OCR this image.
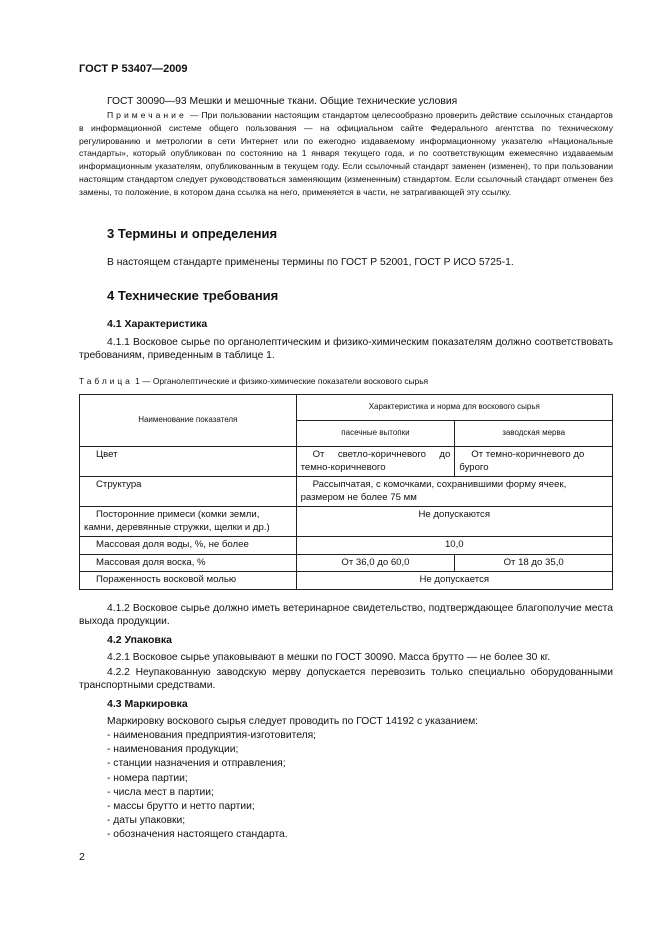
ГОСТ Р 53407—2009
ГОСТ 30090—93 Мешки и мешочные ткани. Общие технические условия
Примечание — При пользовании настоящим стандартом целесообразно проверить действие ссылочных стандартов в информационной системе общего пользования — на официальном сайте Федерального агентства по техническому регулированию и метрологии в сети Интернет или по ежегодно издаваемому информационному указателю «Национальные стандарты», который опубликован по состоянию на 1 января текущего года, и по соответствующим ежемесячно издаваемым информационным указателям, опубликованным в текущем году. Если ссылочный стандарт заменен (изменен), то при пользовании настоящим стандартом следует руководствоваться заменяющим (измененным) стандартом. Если ссылочный стандарт отменен без замены, то положение, в котором дана ссылка на него, применяется в части, не затрагивающей эту ссылку.
3 Термины и определения
В настоящем стандарте применены термины по ГОСТ Р 52001, ГОСТ Р ИСО 5725-1.
4 Технические требования
4.1 Характеристика
4.1.1 Восковое сырье по органолептическим и физико-химическим показателям должно соответствовать требованиям, приведенным в таблице 1.
Таблица 1 — Органолептические и физико-химические показатели воскового сырья
Наименование показателя	Характеристика и норма для воскового сырья	
	пасечные вытопки	заводская мерва
Цвет	От светло-коричневого до темно-коричневого	От темно-коричневого до бурого
Структура	Рассыпчатая, с комочками, сохранившими форму ячеек, размером не более 75 мм	
Посторонние примеси (комки земли, камни, деревянные стружки, щелки и др.)	Не допускаются	
Массовая доля воды, %, не более	10,0	
Массовая доля воска, %	От 36,0 до 60,0	От 18 до 35,0
Пораженность восковой молью	Не допускается	
4.1.2 Восковое сырье должно иметь ветеринарное свидетельство, подтверждающее благополучие места выхода продукции.
4.2 Упаковка
4.2.1 Восковое сырье упаковывают в мешки по ГОСТ 30090. Масса брутто — не более 30 кг.
4.2.2 Неупакованную заводскую мерву допускается перевозить только специально оборудованными транспортными средствами.
4.3 Маркировка
Маркировку воскового сырья следует проводить по ГОСТ 14192 с указанием:
- наименования предприятия-изготовителя;
- наименования продукции;
- станции назначения и отправления;
- номера партии;
- числа мест в партии;
- массы брутто и нетто партии;
- даты упаковки;
- обозначения настоящего стандарта.
2
